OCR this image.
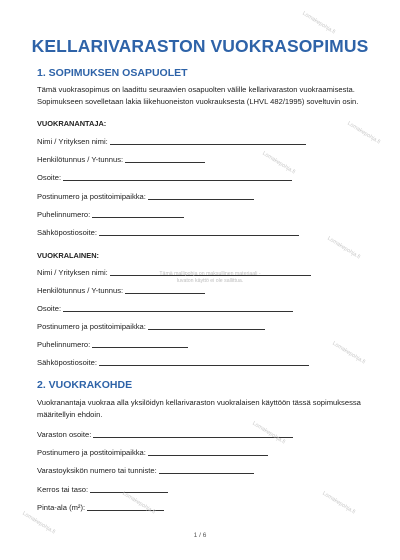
KELLARIVARASTON VUOKRASOPIMUS
1. SOPIMUKSEN OSAPUOLET
Tämä vuokrasopimus on laadittu seuraavien osapuolten välille kellarivaraston vuokraamisesta. Sopimukseen sovelletaan lakia liikehuoneiston vuokrauksesta (LHVL 482/1995) soveltuvin osin.
VUOKRANANTAJA:
Nimi / Yrityksen nimi:
Henkilötunnus / Y-tunnus:
Osoite:
Postinumero ja postitoimipaikka:
Puhelinnumero:
Sähköpostiosoite:
VUOKRALAINEN:
Nimi / Yrityksen nimi:
Henkilötunnus / Y-tunnus:
Osoite:
Postinumero ja postitoimipaikka:
Puhelinnumero:
Sähköpostiosoite:
2. VUOKRAKOHDE
Vuokranantaja vuokraa alla yksilöidyn kellarivaraston vuokralaisen käyttöön tässä sopimuksessa määritellyin ehdoin.
Varaston osoite:
Postinumero ja postitoimipaikka:
Varastoyksikön numero tai tunniste:
Kerros tai taso:
Pinta-ala (m²):
Tämä mallipohja on maksullinen materiaali -
luvaton käyttö ei ole sallittua.
Lomakepohja.fi
Lomakepohja.fi
Lomakepohja.fi
Lomakepohja.fi
Lomakepohja.fi
Lomakepohja.fi
Lomakepohja.fi
Lomakepohja.fi
Lomakepohja.fi
1 / 6
